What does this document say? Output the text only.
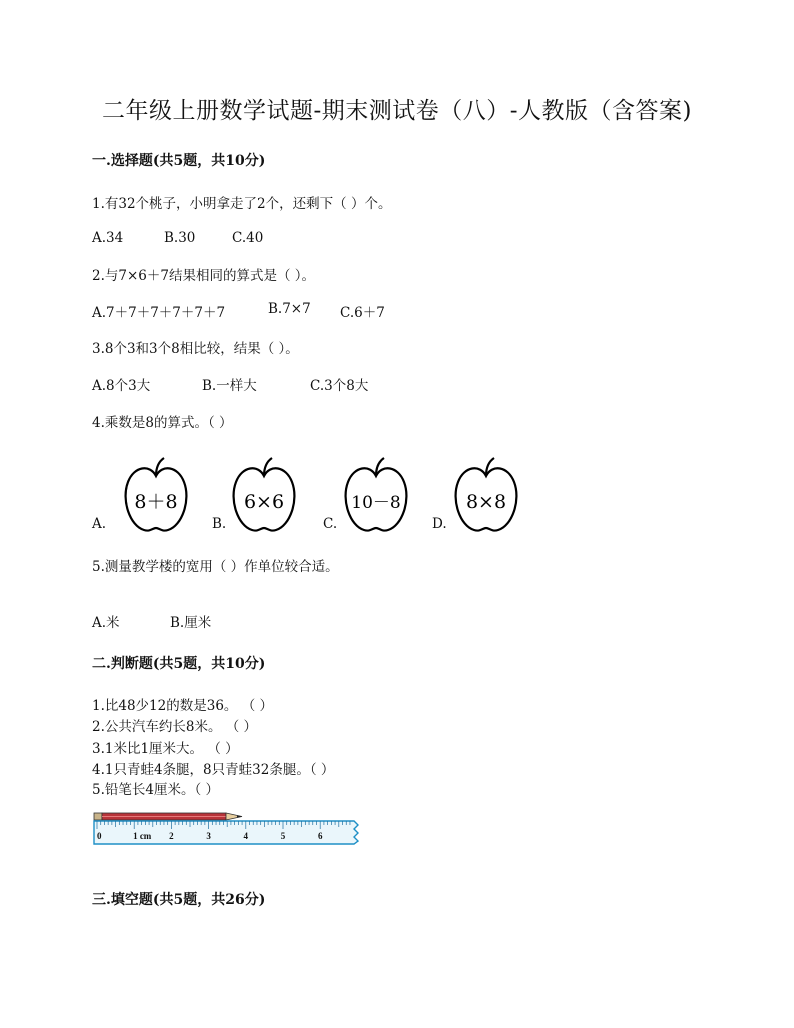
二年级上册数学试题-期末测试卷（八）-人教版（含答案)
一.选择题(共5题，共10分)
1.有32个桃子，小明拿走了2个，还剩下（ ）个。
A.34	B.30	C.40
2.与7×6＋7结果相同的算式是（ ）。
A.7＋7＋7＋7＋7＋7	B.7×7	C.6＋7
3.8个3和3个8相比较，结果（ ）。
A.8个3大	B.一样大	C.3个8大
4.乘数是8的算式。（ ）
A.
8＋8
B.
6×6
C.
10－8
D.
8×8
5.测量教学楼的宽用（ ）作单位较合适。
A.米	B.厘米
二.判断题(共5题，共10分)
1.比48少12的数是36。 （ ）
2.公共汽车约长8米。 （ ）
3.1米比1厘米大。 （ ）
4.1只青蛙4条腿，8只青蛙32条腿。（ ）
5.铅笔长4厘米。（ ）
0	1 cm 2	3	4	5	6
三.填空题(共5题，共26分)
